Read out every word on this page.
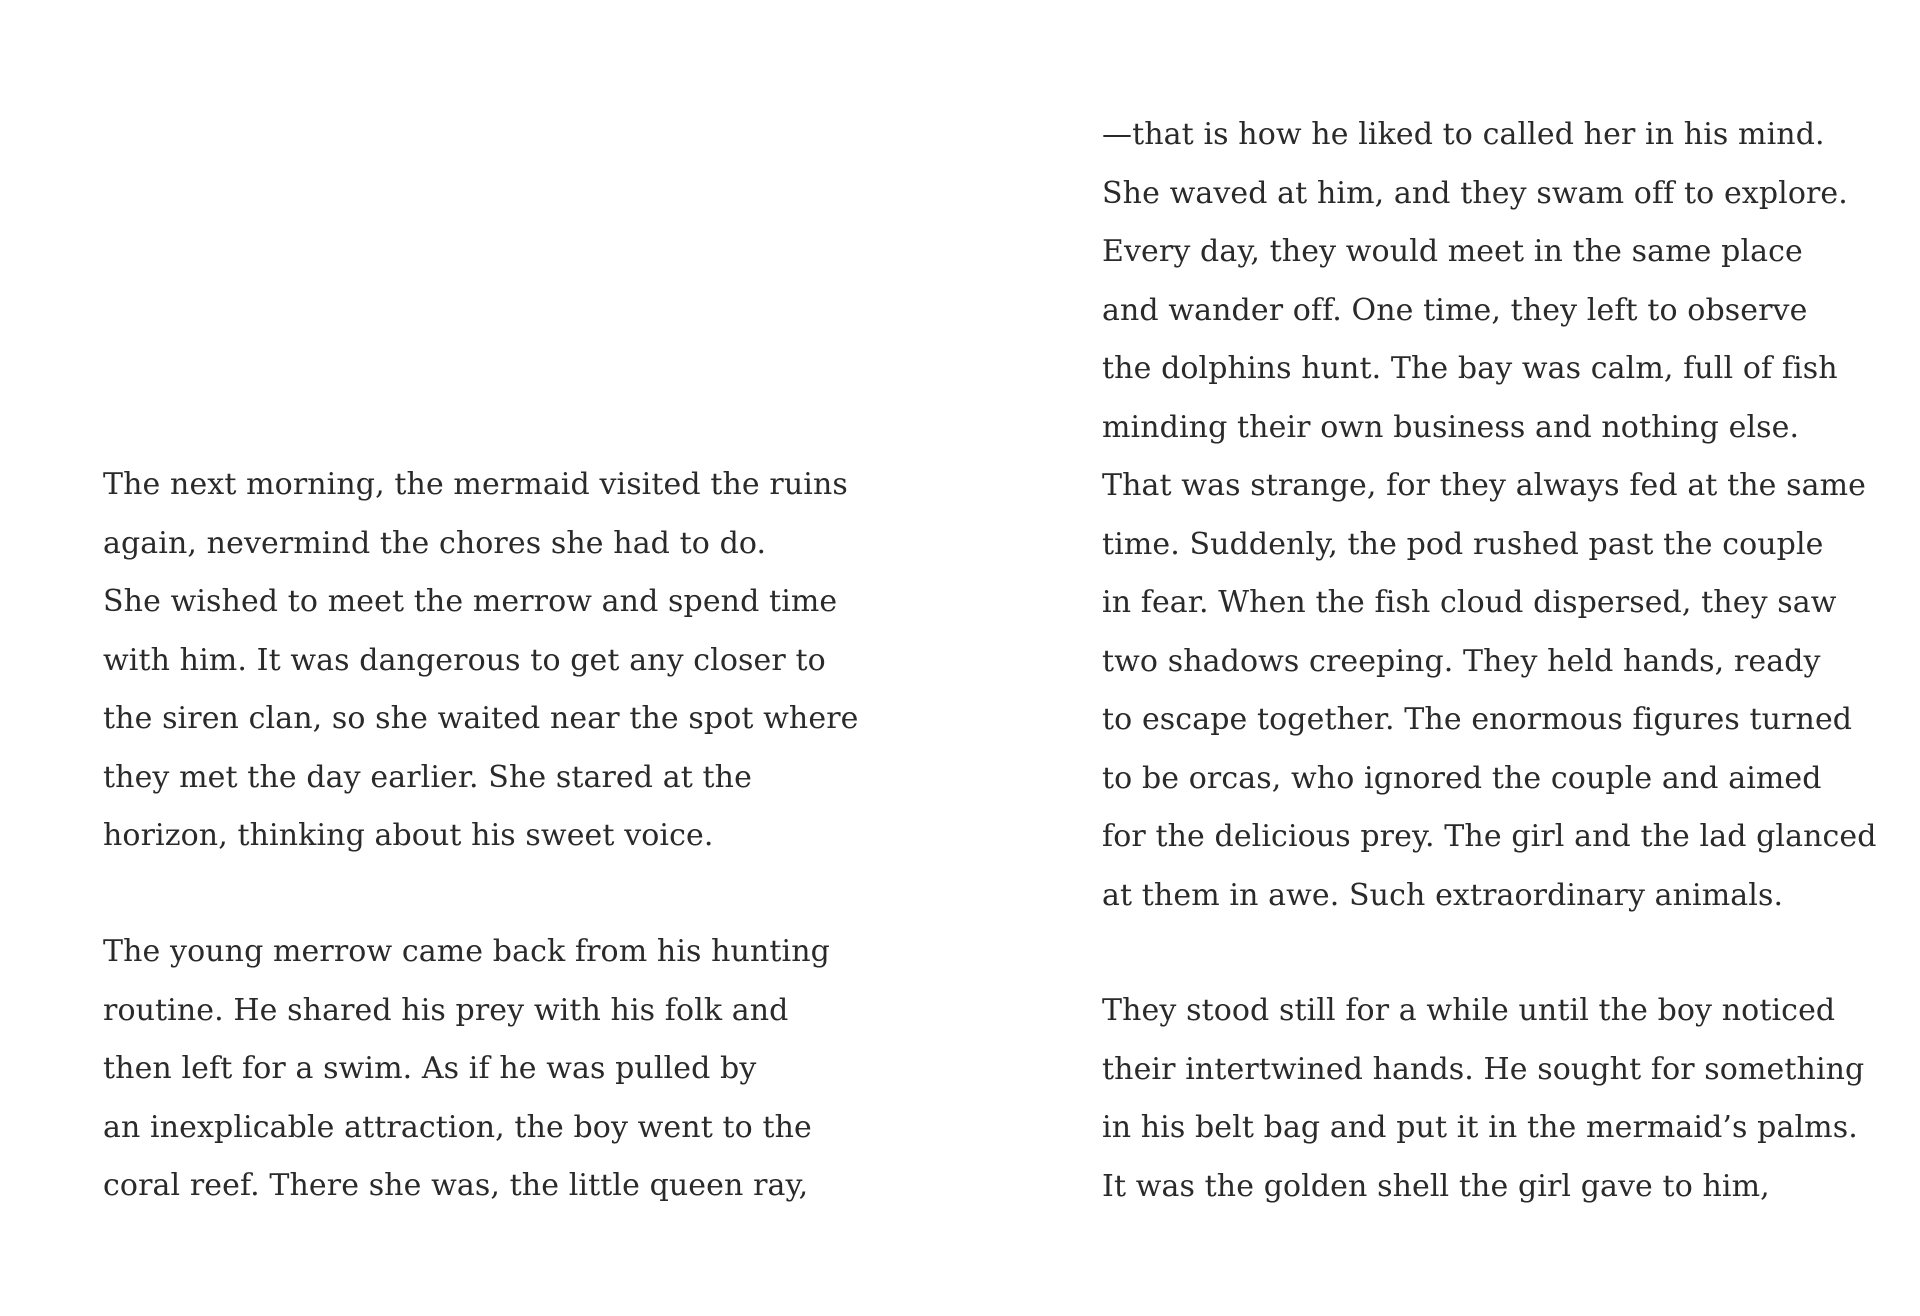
The next morning, the mermaid visited the ruins
again, nevermind the chores she had to do.
She wished to meet the merrow and spend time
with him. It was dangerous to get any closer to
the siren clan, so she waited near the spot where
they met the day earlier. She stared at the
horizon, thinking about his sweet voice.

The young merrow came back from his hunting
routine. He shared his prey with his folk and
then left for a swim. As if he was pulled by
an inexplicable attraction, the boy went to the
coral reef. There she was, the little queen ray,

—that is how he liked to called her in his mind.
She waved at him, and they swam off to explore.
Every day, they would meet in the same place
and wander off. One time, they left to observe
the dolphins hunt. The bay was calm, full of fish
minding their own business and nothing else.
That was strange, for they always fed at the same
time. Suddenly, the pod rushed past the couple
in fear. When the fish cloud dispersed, they saw
two shadows creeping. They held hands, ready
to escape together. The enormous figures turned
to be orcas, who ignored the couple and aimed
for the delicious prey. The girl and the lad glanced
at them in awe. Such extraordinary animals.

They stood still for a while until the boy noticed
their intertwined hands. He sought for something
in his belt bag and put it in the mermaid’s palms.
It was the golden shell the girl gave to him,
